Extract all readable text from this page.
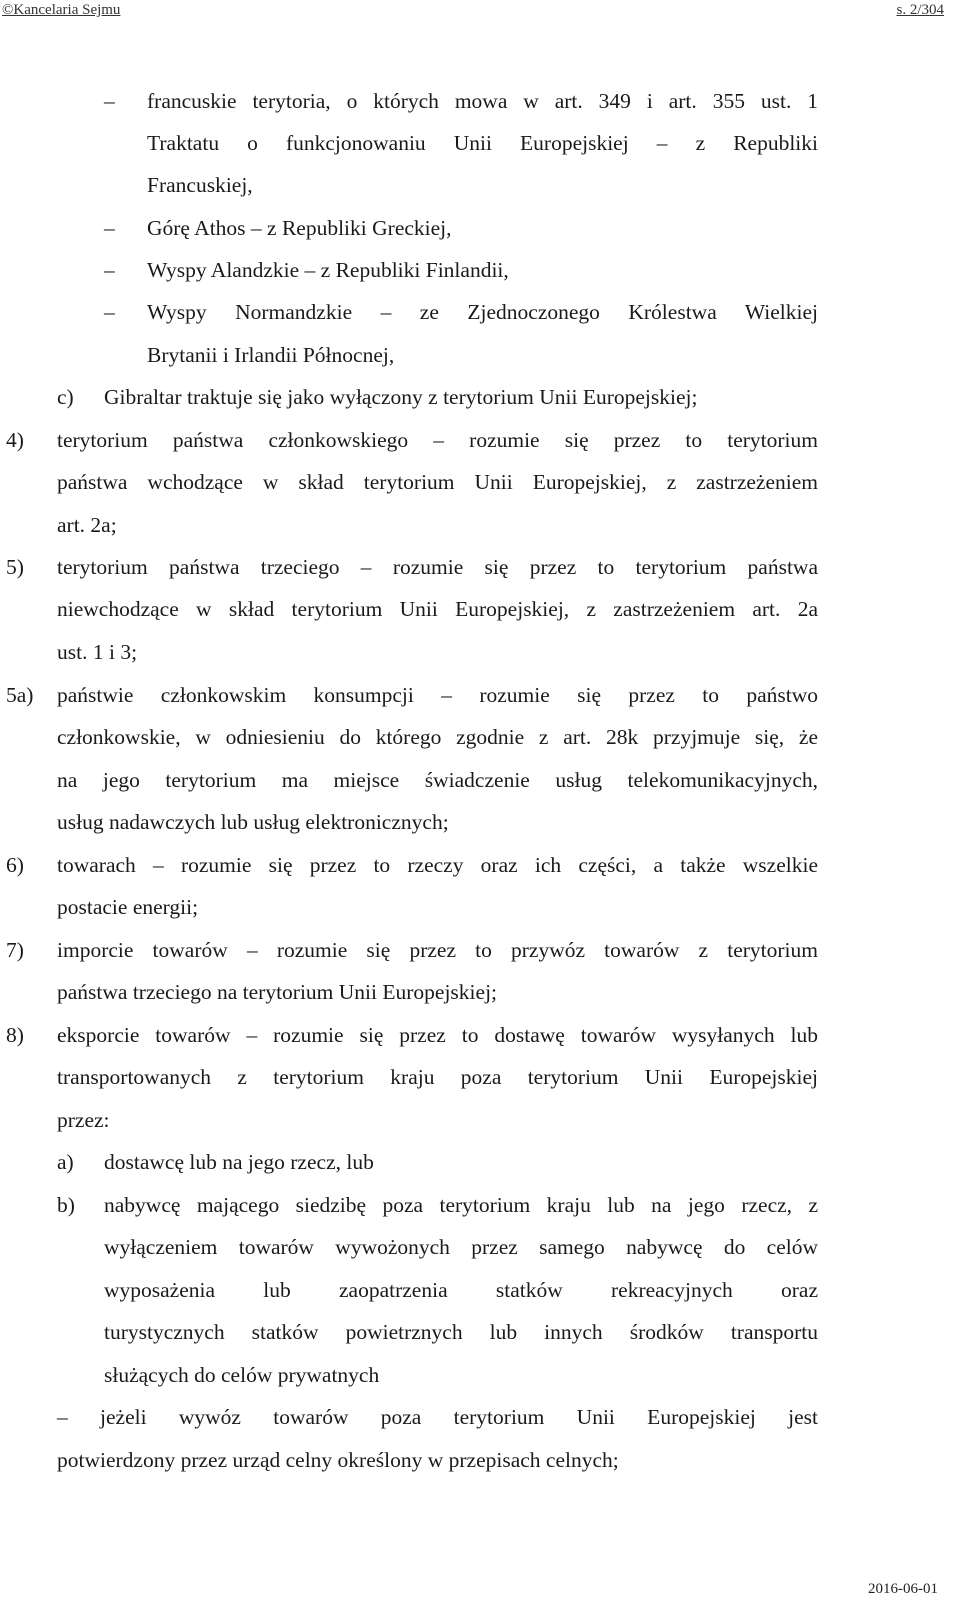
©Kancelaria Sejmu	s. 2/304
– francuskie terytoria, o których mowa w art. 349 i art. 355 ust. 1
Traktatu o funkcjonowaniu Unii Europejskiej – z Republiki
Francuskiej,
– Górę Athos – z Republiki Greckiej,
– Wyspy Alandzkie – z Republiki Finlandii,
– Wyspy Normandzkie – ze Zjednoczonego Królestwa Wielkiej
Brytanii i Irlandii Północnej,
c) Gibraltar traktuje się jako wyłączony z terytorium Unii Europejskiej;
4) terytorium państwa członkowskiego – rozumie się przez to terytorium
państwa wchodzące w skład terytorium Unii Europejskiej, z zastrzeżeniem
art. 2a;
5) terytorium państwa trzeciego – rozumie się przez to terytorium państwa
niewchodzące w skład terytorium Unii Europejskiej, z zastrzeżeniem art. 2a
ust. 1 i 3;
5a) państwie członkowskim konsumpcji – rozumie się przez to państwo
członkowskie, w odniesieniu do którego zgodnie z art. 28k przyjmuje się, że
na jego terytorium ma miejsce świadczenie usług telekomunikacyjnych,
usług nadawczych lub usług elektronicznych;
6) towarach – rozumie się przez to rzeczy oraz ich części, a także wszelkie
postacie energii;
7) imporcie towarów – rozumie się przez to przywóz towarów z terytorium
państwa trzeciego na terytorium Unii Europejskiej;
8) eksporcie towarów – rozumie się przez to dostawę towarów wysyłanych lub
transportowanych z terytorium kraju poza terytorium Unii Europejskiej
przez:
a) dostawcę lub na jego rzecz, lub
b) nabywcę mającego siedzibę poza terytorium kraju lub na jego rzecz, z
wyłączeniem towarów wywożonych przez samego nabywcę do celów
wyposażenia lub zaopatrzenia statków rekreacyjnych oraz
turystycznych statków powietrznych lub innych środków transportu
służących do celów prywatnych
– jeżeli wywóz towarów poza terytorium Unii Europejskiej jest
potwierdzony przez urząd celny określony w przepisach celnych;
2016-06-01
